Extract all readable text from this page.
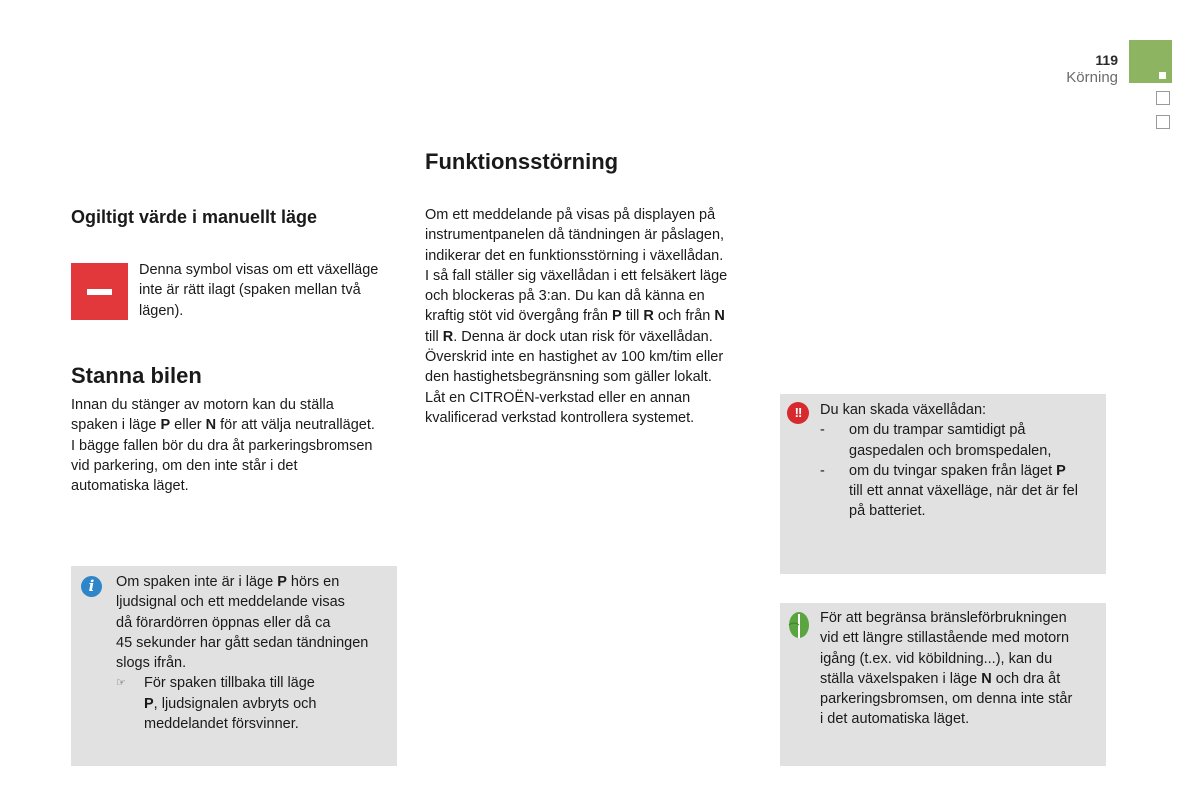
119
Körning
Ogiltigt värde i manuellt läge
Denna symbol visas om ett växelläge
inte är rätt ilagt (spaken mellan två
lägen).
Stanna bilen
Innan du stänger av motorn kan du ställa
spaken i läge P eller N för att välja neutralläget.
I bägge fallen bör du dra åt parkeringsbromsen
vid parkering, om den inte står i det
automatiska läget.
i	Om spaken inte är i läge P hörs en
ljudsignal och ett meddelande visas
då förardörren öppnas eller då ca
45 sekunder har gått sedan tändningen
slogs ifrån.
☞ För spaken tillbaka till läge
P, ljudsignalen avbryts och
meddelandet försvinner.
Funktionsstörning
Om ett meddelande på visas på displayen på
instrumentpanelen då tändningen är påslagen,
indikerar det en funktionsstörning i växellådan.
I så fall ställer sig växellådan i ett felsäkert läge
och blockeras på 3:an. Du kan då känna en
kraftig stöt vid övergång från P till R och från N
till R. Denna är dock utan risk för växellådan.
Överskrid inte en hastighet av 100 km/tim eller
den hastighetsbegränsning som gäller lokalt.
Låt en CITROËN-verkstad eller en annan
kvalificerad verkstad kontrollera systemet.	!!	Du kan skada växellådan:
- om du trampar samtidigt på
gaspedalen och bromspedalen,
- om du tvingar spaken från läget P
till ett annat växelläge, när det är fel
på batteriet.
För att begränsa bränsleförbrukningen
vid ett längre stillastående med motorn
igång (t.ex. vid köbildning...), kan du
ställa växelspaken i läge N och dra åt
parkeringsbromsen, om denna inte står
i det automatiska läget.
